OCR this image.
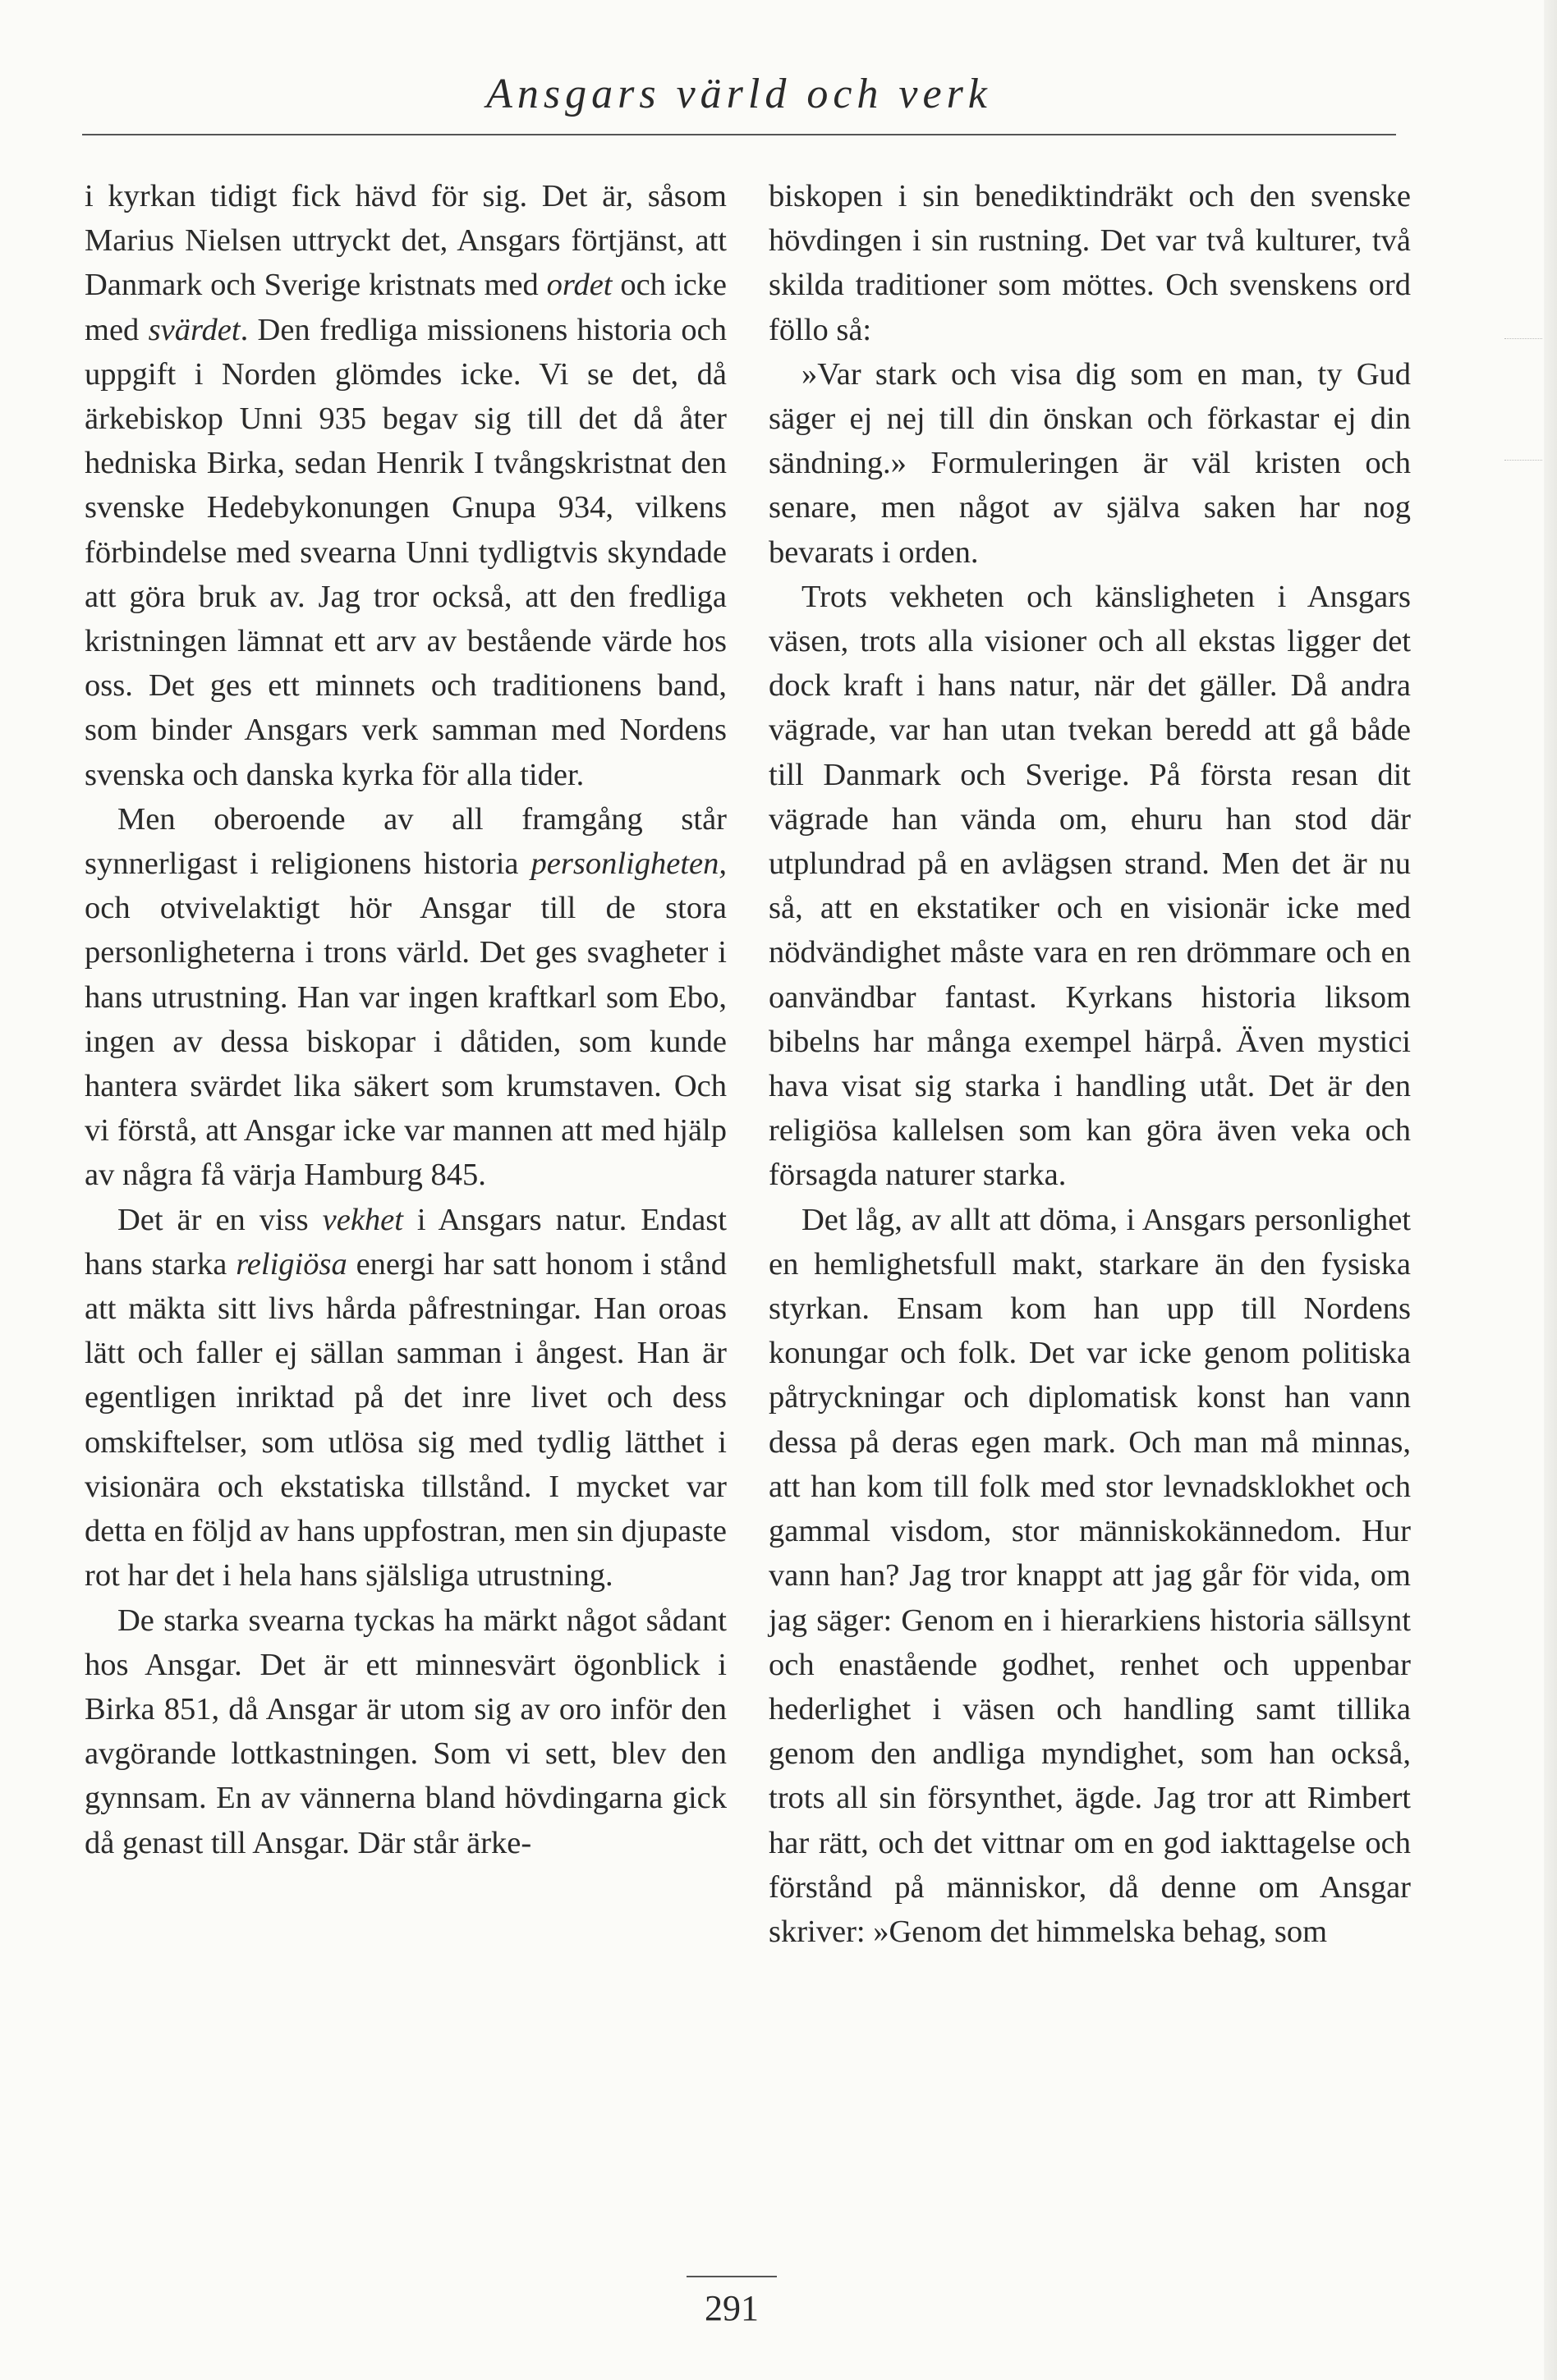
Ansgars värld och verk

i kyrkan tidigt fick hävd för sig. Det är, såsom Marius Nielsen uttryckt det, Ansgars förtjänst, att Danmark och Sverige kristnats med ordet och icke med svärdet. Den fredliga missionens historia och uppgift i Norden glömdes icke. Vi se det, då ärkebiskop Unni 935 begav sig till det då åter hedniska Birka, sedan Henrik I tvångskristnat den svenske Hedebykonungen Gnupa 934, vilkens förbindelse med svearna Unni tydligtvis skyndade att göra bruk av. Jag tror också, att den fredliga kristningen lämnat ett arv av bestående värde hos oss. Det ges ett minnets och traditionens band, som binder Ansgars verk samman med Nordens svenska och danska kyrka för alla tider.

Men oberoende av all framgång står synnerligast i religionens historia personligheten, och otvivelaktigt hör Ansgar till de stora personligheterna i trons värld. Det ges svagheter i hans utrustning. Han var ingen kraftkarl som Ebo, ingen av dessa biskopar i dåtiden, som kunde hantera svärdet lika säkert som krumstaven. Och vi förstå, att Ansgar icke var mannen att med hjälp av några få värja Hamburg 845.

Det är en viss vekhet i Ansgars natur. Endast hans starka religiösa energi har satt honom i stånd att mäkta sitt livs hårda påfrestningar. Han oroas lätt och faller ej sällan samman i ångest. Han är egentligen inriktad på det inre livet och dess omskiftelser, som utlösa sig med tydlig lätthet i visionära och ekstatiska tillstånd. I mycket var detta en följd av hans uppfostran, men sin djupaste rot har det i hela hans själsliga utrustning.

De starka svearna tyckas ha märkt något sådant hos Ansgar. Det är ett minnesvärt ögonblick i Birka 851, då Ansgar är utom sig av oro inför den avgörande lottkastningen. Som vi sett, blev den gynnsam. En av vännerna bland hövdingarna gick då genast till Ansgar. Där står ärke-

biskopen i sin benediktindräkt och den svenske hövdingen i sin rustning. Det var två kulturer, två skilda traditioner som möttes. Och svenskens ord föllo så:

»Var stark och visa dig som en man, ty Gud säger ej nej till din önskan och förkastar ej din sändning.» Formuleringen är väl kristen och senare, men något av själva saken har nog bevarats i orden.

Trots vekheten och känsligheten i Ansgars väsen, trots alla visioner och all ekstas ligger det dock kraft i hans natur, när det gäller. Då andra vägrade, var han utan tvekan beredd att gå både till Danmark och Sverige. På första resan dit vägrade han vända om, ehuru han stod där utplundrad på en avlägsen strand. Men det är nu så, att en ekstatiker och en visionär icke med nödvändighet måste vara en ren drömmare och en oanvändbar fantast. Kyrkans historia liksom bibelns har många exempel härpå. Även mystici hava visat sig starka i handling utåt. Det är den religiösa kallelsen som kan göra även veka och försagda naturer starka.

Det låg, av allt att döma, i Ansgars personlighet en hemlighetsfull makt, starkare än den fysiska styrkan. Ensam kom han upp till Nordens konungar och folk. Det var icke genom politiska påtryckningar och diplomatisk konst han vann dessa på deras egen mark. Och man må minnas, att han kom till folk med stor levnadsklokhet och gammal visdom, stor människokännedom. Hur vann han? Jag tror knappt att jag går för vida, om jag säger: Genom en i hierarkiens historia sällsynt och enastående godhet, renhet och uppenbar hederlighet i väsen och handling samt tillika genom den andliga myndighet, som han också, trots all sin försynthet, ägde. Jag tror att Rimbert har rätt, och det vittnar om en god iakttagelse och förstånd på människor, då denne om Ansgar skriver: »Genom det himmelska behag, som

291
